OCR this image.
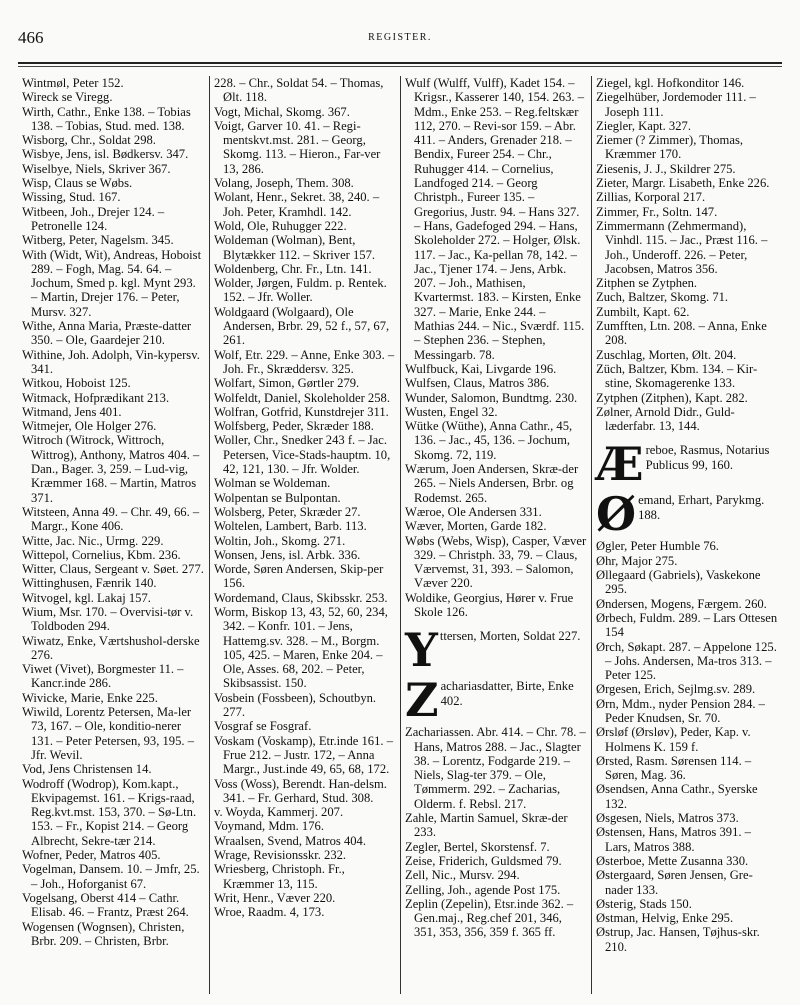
466	REGISTER.

Wintmøl, Peter 152.

Wireck se Viregg.

Wirth, Cathr., Enke 138. – Tobias 138. – Tobias, Stud. med. 138.

Wisborg, Chr., Soldat 298.

Wisbye, Jens, isl. Bødkersv. 347.

Wiselbye, Niels, Skriver 367.

Wisp, Claus se Wøbs.

Wissing, Stud. 167.

Witbeen, Joh., Drejer 124. – Petronelle 124.

Witberg, Peter, Nagelsm. 345.

With (Widt, Wit), Andreas, Hoboist 289. – Fogh, Mag. 54. 64. – Jochum, Smed p. kgl. Mynt 293. – Martin, Drejer 176. – Peter, Mursv. 327.

Withe, Anna Maria, Præste-datter 350. – Ole, Gaardejer 210.

Withine, Joh. Adolph, Vin-kypersv. 341.

Witkou, Hoboist 125.

Witmack, Hofprædikant 213.

Witmand, Jens 401.

Witmejer, Ole Holger 276.

Witroch (Witrock, Wittroch, Wittrog), Anthony, Matros 404. – Dan., Bager. 3, 259. – Lud-vig, Kræmmer 168. – Martin, Matros 371.

Witsteen, Anna 49. – Chr. 49, 66. – Margr., Kone 406.

Witte, Jac. Nic., Urmg. 229.

Wittepol, Cornelius, Kbm. 236.

Witter, Claus, Sergeant v. Søet. 277.

Wittinghusen, Fænrik 140.

Witvogel, kgl. Lakaj 157.

Wium, Msr. 170. – Overvisi-tør v. Toldboden 294.

Wiwatz, Enke, Værtshushol-derske 276.

Viwet (Vivet), Borgmester 11. – Kancr.inde 286.

Wivicke, Marie, Enke 225.

Wiwild, Lorentz Petersen, Ma-ler 73, 167. – Ole, konditio-nerer 131. – Peter Petersen, 93, 195. – Jfr. Wevil.

Vod, Jens Christensen 14.

Wodroff (Wodrop), Kom.kapt., Ekvipagemst. 161. – Krigs-raad, Reg.kvt.mst. 153, 370. – Sø-Ltn. 153. – Fr., Kopist 214. – Georg Albrecht, Sekre-tær 214.

Wofner, Peder, Matros 405.

Vogelman, Dansem. 10. – Jmfr, 25. – Joh., Hoforganist 67.

Vogelsang, Oberst 414 – Cathr. Elisab. 46. – Frantz, Præst 264.

Wogensen (Wognsen), Christen, Brbr. 209. – Christen, Brbr.

228. – Chr., Soldat 54. – Thomas, Ølt. 118.

Vogt, Michal, Skomg. 367.

Voigt, Garver 10. 41. – Regi-mentskvt.mst. 281. – Georg, Skomg. 113. – Hieron., Far-ver 13, 286.

Volang, Joseph, Them. 308.

Wolant, Henr., Sekret. 38, 240. – Joh. Peter, Kramhdl. 142.

Wold, Ole, Ruhugger 222.

Woldeman (Wolman), Bent, Blytækker 112. – Skriver 157.

Woldenberg, Chr. Fr., Ltn. 141.

Wolder, Jørgen, Fuldm. p. Rentek. 152. – Jfr. Woller.

Woldgaard (Wolgaard), Ole Andersen, Brbr. 29, 52 f., 57, 67, 261.

Wolf, Etr. 229. – Anne, Enke 303. – Joh. Fr., Skræddersv. 325.

Wolfart, Simon, Gørtler 279.

Wolfeldt, Daniel, Skoleholder 258.

Wolfran, Gotfrid, Kunstdrejer 311.

Wolfsberg, Peder, Skræder 188.

Woller, Chr., Snedker 243 f. – Jac. Petersen, Vice-Stads-hauptm. 10, 42, 121, 130. – Jfr. Wolder.

Wolman se Woldeman.

Wolpentan se Bulpontan.

Wolsberg, Peter, Skræder 27.

Woltelen, Lambert, Barb. 113.

Woltin, Joh., Skomg. 271.

Wonsen, Jens, isl. Arbk. 336.

Worde, Søren Andersen, Skip-per 156.

Wordemand, Claus, Skibsskr. 253.

Worm, Biskop 13, 43, 52, 60, 234, 342. – Konfr. 101. – Jens, Hattemg.sv. 328. – M., Borgm. 105, 425. – Maren, Enke 204. – Ole, Asses. 68, 202. – Peter, Skibsassist. 150.

Vosbein (Fossbeen), Schoutbyn. 277.

Vosgraf se Fosgraf.

Voskam (Voskamp), Etr.inde 161. – Frue 212. – Justr. 172, – Anna Margr., Just.inde 49, 65, 68, 172.

Voss (Woss), Berendt. Han-delsm. 341. – Fr. Gerhard, Stud. 308.

v. Woyda, Kammerj. 207.

Voymand, Mdm. 176.

Wraalsen, Svend, Matros 404.

Wrage, Revisionsskr. 232.

Wriesberg, Christoph. Fr., Kræmmer 13, 115.

Writ, Henr., Væver 220.

Wroe, Raadm. 4, 173.

Wulf (Wulff, Vulff), Kadet 154. – Krigsr., Kasserer 140, 154. 263. – Mdm., Enke 253. – Reg.feltskær 112, 270. – Revi-sor 159. – Abr. 411. – Anders, Grenader 218. – Bendix, Fureer 254. – Chr., Ruhugger 414. – Cornelius, Landfoged 214. – Georg Christph., Fureer 135. – Gregorius, Justr. 94. – Hans 327. – Hans, Gadefoged 294. – Hans, Skoleholder 272. – Holger, Ølsk. 117. – Jac., Ka-pellan 78, 142. – Jac., Tjener 174. – Jens, Arbk. 207. – Joh., Mathisen, Kvartermst. 183. – Kirsten, Enke 327. – Marie, Enke 244. – Mathias 244. – Nic., Sværdf. 115. – Stephen 236. – Stephen, Messingarb. 78.

Wulfbuck, Kai, Livgarde 196.

Wulfsen, Claus, Matros 386.

Wunder, Salomon, Bundtmg. 230.

Wusten, Engel 32.

Wütke (Wüthe), Anna Cathr., 45, 136. – Jac., 45, 136. – Jochum, Skomg. 72, 119.

Wærum, Joen Andersen, Skræ-der 265. – Niels Andersen, Brbr. og Rodemst. 265.

Wæroe, Ole Andersen 331.

Wæver, Morten, Garde 182.

Wøbs (Webs, Wisp), Casper, Væver 329. – Christph. 33, 79. – Claus, Værvemst, 31, 393. – Salomon, Væver 220.

Woldike, Georgius, Hører v. Frue Skole 126.

Y ttersen, Morten, Soldat 227.

Z achariasdatter, Birte, Enke 402.

Zachariassen. Abr. 414. – Chr. 78. – Hans, Matros 288. – Jac., Slagter 38. – Lorentz, Fodgarde 219. – Niels, Slag-ter 379. – Ole, Tømmerm. 292. – Zacharias, Olderm. f. Rebsl. 217.

Zahle, Martin Samuel, Skræ-der 233.

Zegler, Bertel, Skorstensf. 7.

Zeise, Friderich, Guldsmed 79.

Zell, Nic., Mursv. 294.

Zelling, Joh., agende Post 175.

Zeplin (Zepelin), Etsr.inde 362. – Gen.maj., Reg.chef 201, 346, 351, 353, 356, 359 f. 365 ff.

Ziegel, kgl. Hofkonditor 146.

Ziegelhüber, Jordemoder 111. – Joseph 111.

Ziegler, Kapt. 327.

Ziemer (? Zimmer), Thomas, Kræmmer 170.

Ziesenis, J. J., Skildrer 275.

Zieter, Margr. Lisabeth, Enke 226.

Zillias, Korporal 217.

Zimmer, Fr., Soltn. 147.

Zimmermann (Zehmermand), Vinhdl. 115. – Jac., Præst 116. – Joh., Underoff. 226. – Peter, Jacobsen, Matros 356.

Zitphen se Zytphen.

Zuch, Baltzer, Skomg. 71.

Zumbilt, Kapt. 62.

Zumfften, Ltn. 208. – Anna, Enke 208.

Zuschlag, Morten, Ølt. 204.

Züch, Baltzer, Kbm. 134. – Kir-stine, Skomagerenke 133.

Zytphen (Zitphen), Kapt. 282.

Zølner, Arnold Didr., Guld-læderfabr. 13, 144.

Æ reboe, Rasmus, Notarius Publicus 99, 160.

Ø emand, Erhart, Parykmg. 188.

Øgler, Peter Humble 76.

Øhr, Major 275.

Øllegaard (Gabriels), Vaskekone 295.

Øndersen, Mogens, Færgem. 260.

Ørbech, Fuldm. 289. – Lars Ottesen 154

Ørch, Søkapt. 287. – Appelone 125. – Johs. Andersen, Ma-tros 313. – Peter 125.

Ørgesen, Erich, Sejlmg.sv. 289.

Ørn, Mdm., nyder Pension 284. – Peder Knudsen, Sr. 70.

Ørsløf (Ørsløv), Peder, Kap. v. Holmens K. 159 f.

Ørsted, Rasm. Sørensen 114. – Søren, Mag. 36.

Øsendsen, Anna Cathr., Syerske 132.

Øsgesen, Niels, Matros 373.

Østensen, Hans, Matros 391. – Lars, Matros 388.

Østerboe, Mette Zusanna 330.

Østergaard, Søren Jensen, Gre-nader 133.

Østerig, Stads 150.

Østman, Helvig, Enke 295.

Østrup, Jac. Hansen, Tøjhus-skr. 210.
